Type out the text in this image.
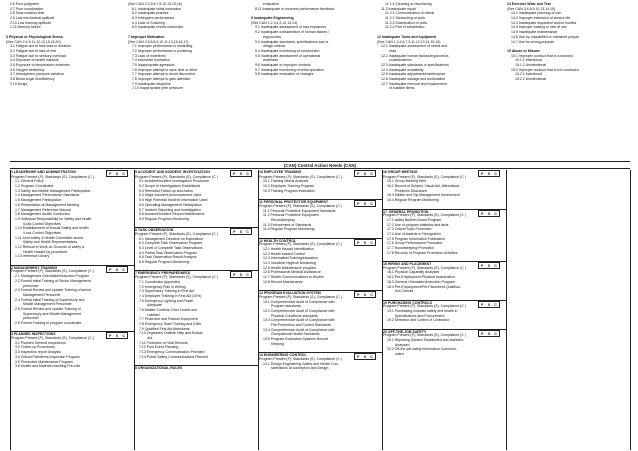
2.6 Poor judgment
2.7 Poor coordination
2.8 Slow reaction time
2.9 Low mechanical aptitude
2.10 Low learning aptitude
2.11 Memory failure
3 Physical or Physiological Stress
(See CAN 2,4,9,11,12,13,15,16,20)
3.1 Fatigue due to task load or duration
3.2 Fatigue due to lack of rest
3.3 Fatigue due to sensory overload
3.4 Exposure to health hazards
3.5 Exposure to temperature extremes
3.6 Oxygen deficiency
3.7 Atmospheric pressure variation
3.8 Blood sugar insufficiency
3.10 Drugs
(See CAN 2,4,5,6,7,8,10,13,15,16)
6.1 Inadequate initial instruction
6.2 Inadequate practice
6.3 Infrequent performance
6.4 Lack of Coaching
6.5 Inadequate review instruction
7 Improper Motivation
(See CAN 2,5,6,8,9,10,11,13,15,16,17)
7.1 Improper performance is rewarding
7.2 Improper performance is punishing
7.3 Lack of incentives
7.4 excessive frustration
7.5 Inappropriate agression
7.6 Improper attempt to save time or effort
7.7 Improper attempt to avoid discomfort
7.8 Improper attempt to gain attention
7.9 Inadequate discipline
7.10 Inappropriate peer pressure
evaluation
8.11 Inadequate or incorrect performance feedback
9 Inadequate Engineering
(See CAN 1,2,3,4,9,12,13,14)
9.1 Inadequate assessment of loss exposures
9.2 Inadequate consideration of human factors /
ergonomics
9.3 Inadequate standards, specifications and or
design criteria
9.4 Inadequate monitoring of construction
9.5 Inadequate assessment of operational
readiness
9.6 Inadequate or improper controls
9.7 Inadequate monitoring of initial operation
9.8 Inadequate evaluation of changes
11.1.4 Cleaning or resurfacing
11.2 Inadequate repair
11.2.1 Communication of needs
11.2.2 Scheduling of work
11.2.3 Examination of units
11.2.3 Part of substitution
12 Inadequate Tools and equipment
(See CAN 1,3,4,6,7,9,11,12,13,14,15,16)
12.1 Inadequate assessment of needs and
risks
12.2 Inadequate human factors/ergonomics
considerations
12.3 Inadequate standards or specifications
12.4 Inadequate availability
12.5 Inadequate adjustment/maintenance
12.6 Inadequate salvage and reclamation
12.7 Inadequate removal and replacement
of suitable items
14 Exercise Wear and Tear
(See CAN 3,4,8,9,10,13,14,15)
14.1 Inadequate planning of use
14.2 Improper extension of service life
14.3 Inadequate inspection and/or monitor
14.4 Improper loading or rate of use
14.5 Inadequate maintenance
14.6 Use by unqualified or untrained people
14.7 Use for wrong purpose
15 Abuse or Misuse
15.1 Improper conduct that is condoned
15.1.1 Intentional
15.1.2 Unintentional
15.2 Improper conduct that is not condoned
15.2.1 Intentional
15.2.2 Unintentional
(CAN) Control Action Needs (CAN)
1 LEADERSHIP AND ADMINISTRATION	P S C
Program Present (P), Standards (S), Compliance (C )
1.1 General Policy
1.2 Program Coordinator
1.3 Safety and Middle Management Participation
1.4 Management Performance Standards
1.5 Management Participation
1.6 Presentation at Management Meeting
1.7 Management Reference Manual
1.8 Management Audits Conducted
1.9 Individual Responsibility for Safety and health
/Loss Control Objectives
1.10 Establishment of Annual Safety and health
/Loss Control Objectives
1.11 Joint safety & Health Committee and/or
Safety and Health Representatives
1.12 Refusal to Work on Grounds of safety &
Health Hazard (s) procedure
1.13 reference Library
2 MANAGEMENT TRAINING	P S C
Program Present (P), Standards (S), Compliance (C )
2.1 Management Orientation/Induction Program
2.2 Formal Initial Training of Senior Management
personnel
2.3 Formal Review and Update Training of senior
Management Personnel
2.4 Formal Initial Training of Supervisory and
Middle Management Personnel
2.5 Formal Review and Update Training of
Supervisory and Middle Management
personnel
2.6 Formal Training of program coordinator
3 PLANNED INSPECTIONS	P S C
Program Present (P), Standards (S), Compliance (C )
3.1 Planned General Inspections
3.2 Follow-up Procedures
3.3 Inspection report Analysis
3.4 Critical Part/Items Inspection Program
3.5 Preventive Maintenance Program
3.6 Mobile and Material-Handling Pre-Use
5 ACCIDENT AND INCIDENT INVESTIGATION	P S C
Program Present (P), Standards (S), Compliance (C )
5.1 Accident/Incident Investigation Procedure
5.2 Scope of Investigations Established
5.3 Remedial Follow-up and Action
5.4 Major Accident Announcement Used
5.5 High Potential Incident Information Used
5.6 Operating Management Participation
5.7 Incident Reporting and Investigation
5.8 Accident/Incident Record Maintenance
5.9 Regular Program Monitoring
6 TASK OBSERVATION	P S C
Program Present (P), Standards (S), Compliance (C )
6.1 Management Directive on Importance
6.2 Complete Task Observation Program
6.3 Level of Complete Task Observations
6.4 Partial Task Observation Program
6.5 Task Observation Result Analysis
6.6 Regular Program Monitoring
7 EMERGENCY PREPAREDNESS	P S C
Program Present (P), Standards (S), Compliance (C )
7.1 Coordinator Appointed
7.2 emergency Plan in Writing
7.3 Supervisory Training in First Aid
7.4 Employee Training in First Aid (10%)
7.5 Emergency Lighting and Power
Adequate
7.6 Master Controls Color Coded and
Labeled
7.7 Protective and Rescue Equipment
7.8 Emergency Team Training and Drills
7.9 Qualified First Aid Attendants
7.10 Organized Outside Help and Mutual
Aid
7.11 Protection of Vital Records
7.12 Post Event Planning
7.13 Emergency Communication Provided
7.14 Public Safety Communications Planned
8 ORGANIZATIONAL RULES
10 EMPLOYEE TRAINING	P S C
Program Present (P), Standards (S), Compliance (C )
10.1 Training Needs Analysis
10.2 Employee Training Program
10.3 Training Program evaluation
11 PERSONAL PROTECTIVE EQUIPMENT	P S C
Program Present (P), Standards (S), Compliance (C )
11.1 Personal Protective Equipment Standards
11.2 Personal Protective Equipment
Recordkeeping
11.3 Enforcement of Standards
11.4 Regular Program Monitoring
12 HEALTH CONTROL	P S C
Program Present (P), Standards (S), Compliance (C )
12.1 Health Hazard Identification
12.2 Health hazard Control
12.3 Information/Training/education
12.4 Industrial Hygiene Monitoring
12.5 Health Maintenance program
12.6 Professional Medical Assistance
12.7 Health Communications to Worker
12.8 Record Maintenance
13 PROGRAM EVALUATION SYSTEM	P S C
Program Present (P), Standards (S), Compliance (C )
13.1 Comprehensive Audit of Compliance with
Program standards
13.2 Comprehensive Audit of Compliance with
Physical Conditions standards
13.3 Comprehensive Audit of Compliance with
Fire Prevention and Control Standards
13.4 Comprehensive Audit of Compliance with
Occupational Health Standards
13.5 Program Evaluation Systems Record
Keeping
14 ENGINEERING CONTROL	P S C
Program Present (P), Standards (S), Compliance (C )
14.1 Design Engineering Safety and Health Con-
siderations at conception and Design
16 GROUP MEETING	P S C
Program Present (P), Standards (S), Compliance (C )
16.1 Group Meeting Held
16.2 Record of Subject, Visual Aid, Attendance,
Problems Discussed
16.3 Middle and Top Management Involvement
16.4 Regular Program Monitoring
17. GENERAL PROMOTION	P S C
Program Present (P), Standards (S), Compliance (C )
17.1 safety Bulletin Board Program
17.2 Use of program statistics and facts
17.3 Critical Topic Promotion
17.4 Use of Awards or Recognition
17.5 Program Information Publication
17.6 Group Performance Promotion
17.7 Housekeeping Promotion
17.8 Records of Program Promotion Activities
18 HIRING AND PLACEMENT	P S C
Program Present (P), Standards (S), Compliance (C )
18.1 Physical Capability Analyses
18.2 Pre-Employment Physical examination
18.3 General Orientation/Induction Program
18.4 Pre-Employment/Pre-Placement Qualifica-
tion Checks
19 PURCHASING CONTROLS	P S C
Program Present (P), Standards (S), Compliance (C )
19.1 Purchasing includes safety and health in
Specifications and Procurement
19.2 Selection and Control of Contractor
20 OFF-THE-JOB SAFETY	P S C
Program Present (P), Standards (S), Compliance (C )
20.1 Reporting System Established and statistics,
Analyzed
20.2 Off-the-job safety information Communi-
cated
